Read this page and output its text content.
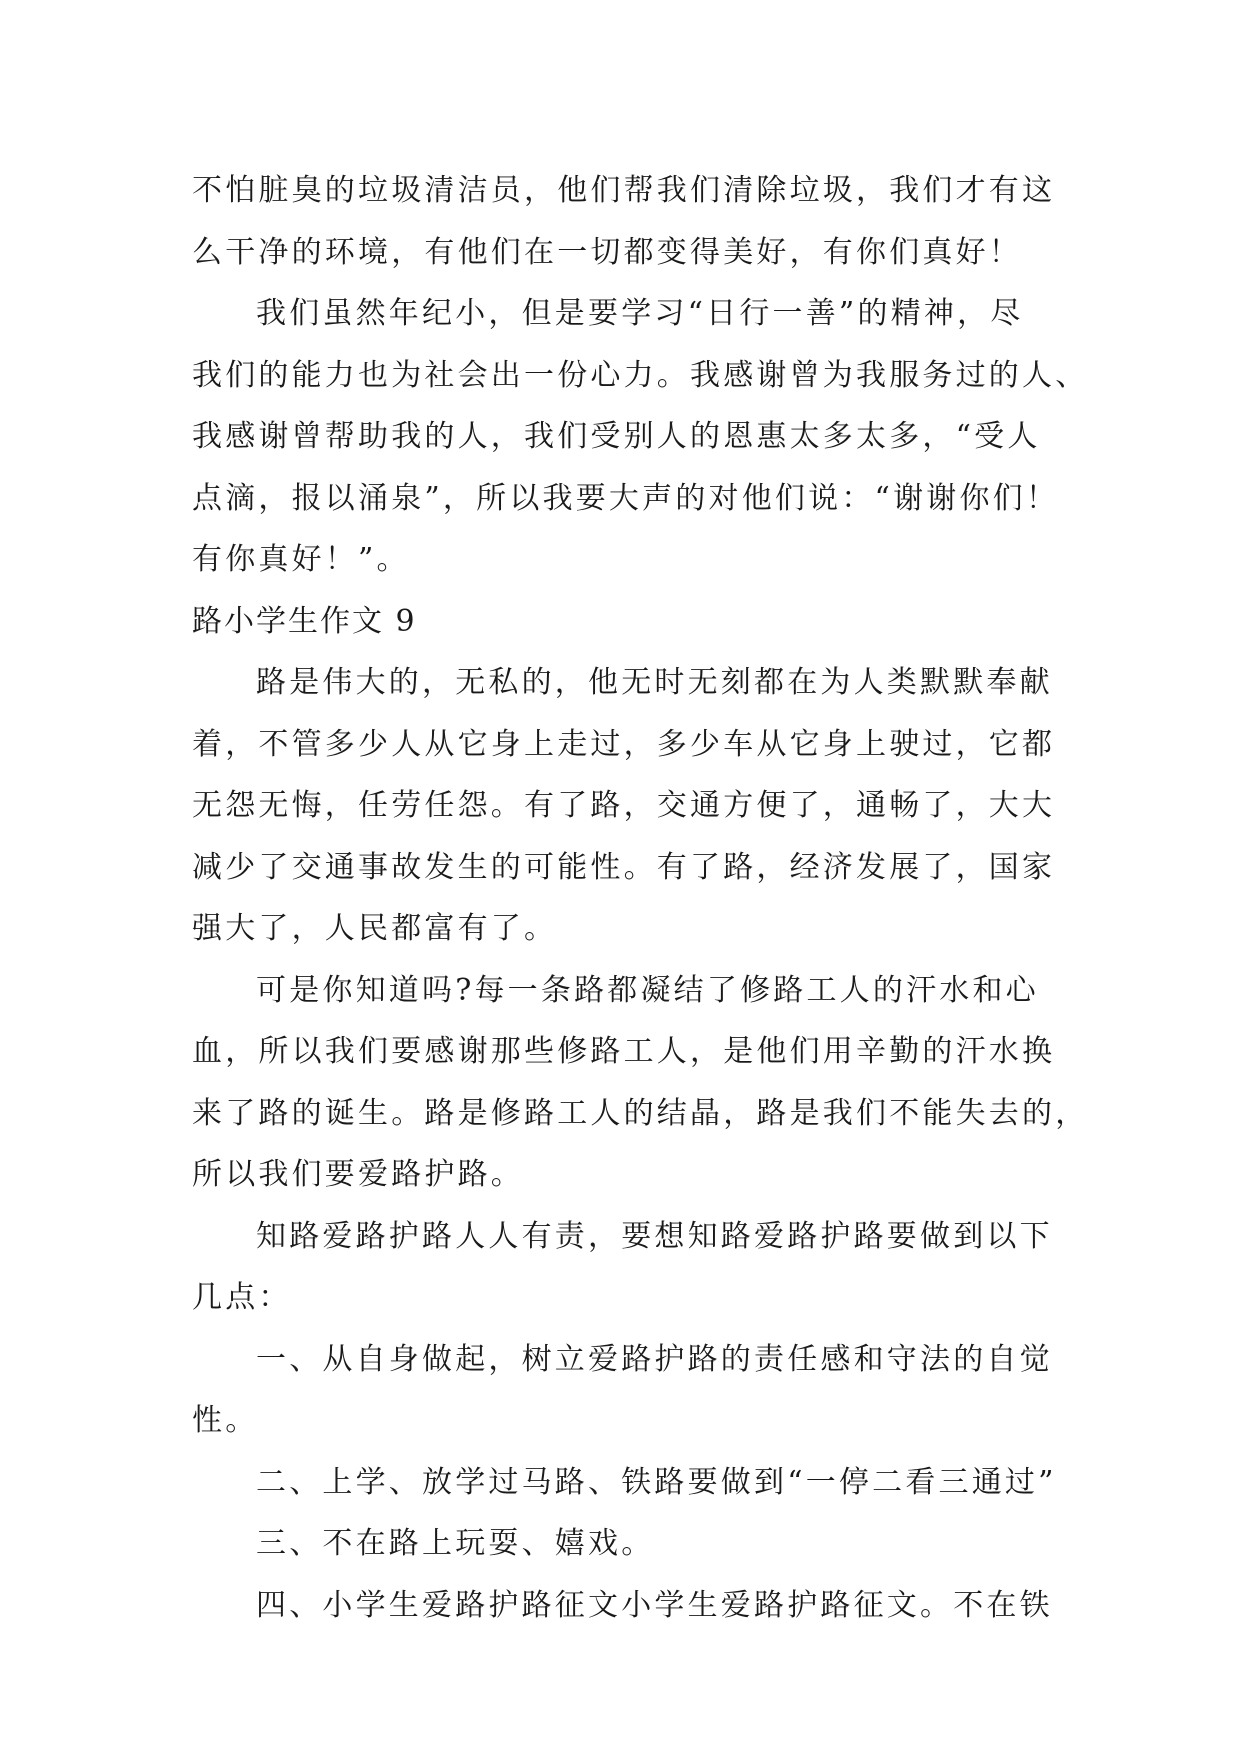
不怕脏臭的垃圾清洁员，他们帮我们清除垃圾，我们才有这
么干净的环境，有他们在一切都变得美好，有你们真好！
我们虽然年纪小，但是要学习“日行一善”的精神，尽
我们的能力也为社会出一份心力。我感谢曾为我服务过的人、
我感谢曾帮助我的人，我们受别人的恩惠太多太多，“受人
点滴，报以涌泉”，所以我要大声的对他们说：“谢谢你们！
有你真好！”。
路小学生作文 9
路是伟大的，无私的，他无时无刻都在为人类默默奉献
着，不管多少人从它身上走过，多少车从它身上驶过，它都
无怨无悔，任劳任怨。有了路，交通方便了，通畅了，大大
减少了交通事故发生的可能性。有了路，经济发展了，国家
强大了，人民都富有了。
可是你知道吗?每一条路都凝结了修路工人的汗水和心
血，所以我们要感谢那些修路工人，是他们用辛勤的汗水换
来了路的诞生。路是修路工人的结晶，路是我们不能失去的，
所以我们要爱路护路。
知路爱路护路人人有责，要想知路爱路护路要做到以下
几点：
一、从自身做起，树立爱路护路的责任感和守法的自觉
性。
二、上学、放学过马路、铁路要做到“一停二看三通过”
三、不在路上玩耍、嬉戏。
四、小学生爱路护路征文小学生爱路护路征文。不在铁
